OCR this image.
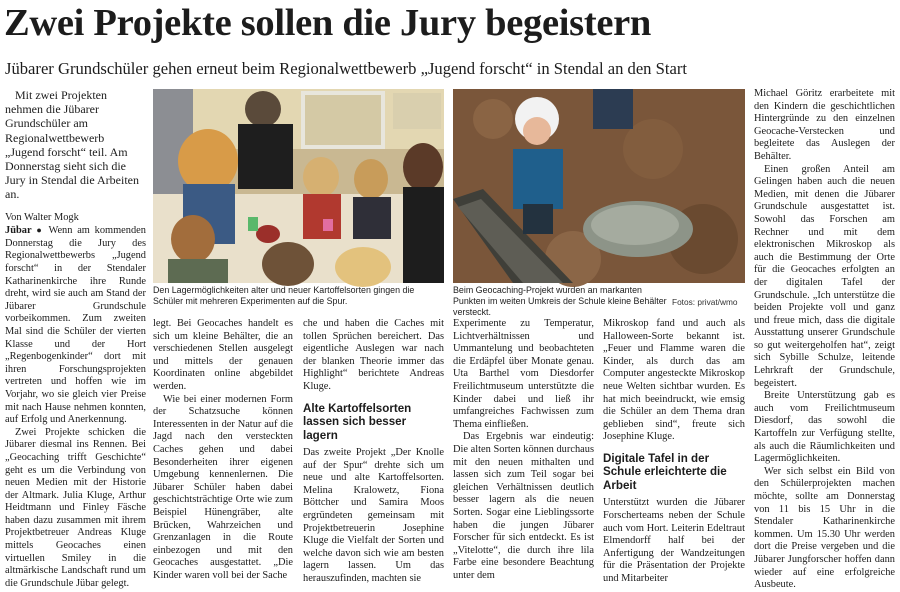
Zwei Projekte sollen die Jury begeistern
Jübarer Grundschüler gehen erneut beim Regionalwettbewerb „Jugend forscht“ in Stendal an den Start

Mit zwei Projekten nehmen die Jübarer Grundschüler am Regionalwettbewerb „Jugend forscht“ teil. Am Donnerstag sieht sich die Jury in Stendal die Arbeiten an.

Von Walter Mogk

Jübar ● Wenn am kommenden Donnerstag die Jury des Regionalwettbewerbs „Jugend forscht“ in der Stendaler Katharinenkirche ihre Runde dreht, wird sie auch am Stand der Jübarer Grundschule vorbeikommen. Zum zweiten Mal sind die Schüler der vierten Klasse und der Hort „Regenbogenkinder“ dort mit ihren Forschungsprojekten vertreten und hoffen wie im Vorjahr, wo sie gleich vier Preise mit nach Hause nehmen konnten, auf Erfolg und Anerkennung.

Zwei Projekte schicken die Jübarer diesmal ins Rennen. Bei „Geocaching trifft Geschichte“ geht es um die Verbindung von neuen Medien mit der Historie der Altmark. Julia Kluge, Arthur Heidtmann und Finley Fäsche haben dazu zusammen mit ihrem Projektbetreuer Andreas Kluge mittels Geocaches einen virtuellen Smiley in die altmärkische Landschaft rund um die Grundschule Jübar gelegt.

Den Lagermöglichkeiten alter und neuer Kartoffelsorten gingen die Schüler mit mehreren Experimenten auf die Spur.
Beim Geocaching-Projekt wurden an markanten Punkten im weiten Umkreis der Schule kleine Behälter versteckt.
Fotos: privat/wmo

legt. Bei Geocaches handelt es sich um kleine Behälter, die an verschiedenen Stellen ausgelegt und mittels der genauen Koordinaten online abgebildet werden.

Wie bei einer modernen Form der Schatzsuche können Interessenten in der Natur auf die Jagd nach den versteckten Caches gehen und dabei Besonderheiten ihrer eigenen Umgebung kennenlernen. Die Jübarer Schüler haben dabei geschichtsträchtige Orte wie zum Beispiel Hünengräber, alte Brücken, Wahrzeichen und Grenzanlagen in die Route einbezogen und mit den Geocaches ausgestattet. „Die Kinder waren voll bei der Sache

che und haben die Caches mit tollen Sprüchen bereichert. Das eigentliche Auslegen war nach der blanken Theorie immer das Highlight“ berichtete Andreas Kluge.

Alte Kartoffelsorten lassen sich besser lagern

Das zweite Projekt „Der Knolle auf der Spur“ drehte sich um neue und alte Kartoffelsorten. Melina Kralowetz, Fiona Böttcher und Samira Moos ergründeten gemeinsam mit Projektbetreuerin Josephine Kluge die Vielfalt der Sorten und welche davon sich wie am besten lagern lassen. Um das herauszufinden, machten sie

Experimente zu Temperatur, Lichtverhältnissen und Ummantelung und beobachteten die Erdäpfel über Monate genau. Uta Barthel vom Diesdorfer Freilichtmuseum unterstützte die Kinder dabei und ließ ihr umfangreiches Fachwissen zum Thema einfließen.

Das Ergebnis war eindeutig: Die alten Sorten können durchaus mit den neuen mithalten und lassen sich zum Teil sogar bei gleichen Verhältnissen deutlich besser lagern als die neuen Sorten. Sogar eine Lieblingssorte haben die jungen Jübarer Forscher für sich entdeckt. Es ist „Vitelotte“, die durch ihre lila Farbe eine besondere Beachtung unter dem

Mikroskop fand und auch als Halloween-Sorte bekannt ist. „Feuer und Flamme waren die Kinder, als durch das am Computer angesteckte Mikroskop neue Welten sichtbar wurden. Es hat mich beeindruckt, wie emsig die Schüler an dem Thema dran geblieben sind“, freute sich Josephine Kluge.

Digitale Tafel in der Schule erleichterte die Arbeit

Unterstützt wurden die Jübarer Forscherteams neben der Schule auch vom Hort. Leiterin Edeltraut Elmendorff half bei der Anfertigung der Wandzeitungen für die Präsentation der Projekte und Mitarbeiter

Michael Göritz erarbeitete mit den Kindern die geschichtlichen Hintergründe zu den einzelnen Geocache-Verstecken und begleitete das Auslegen der Behälter.

Einen großen Anteil am Gelingen haben auch die neuen Medien, mit denen die Jübarer Grundschule ausgestattet ist. Sowohl das Forschen am Rechner und mit dem elektronischen Mikroskop als auch die Bestimmung der Orte für die Geocaches erfolgten an der digitalen Tafel der Grundschule. „Ich unterstütze die beiden Projekte voll und ganz und freue mich, dass die digitale Ausstattung unserer Grundschule so gut weitergeholfen hat“, zeigt sich Sybille Schulze, leitende Lehrkraft der Grundschule, begeistert.

Breite Unterstützung gab es auch vom Freilichtmuseum Diesdorf, das sowohl die Kartoffeln zur Verfügung stellte, als auch die Räumlichkeiten und Lagermöglichkeiten.

Wer sich selbst ein Bild von den Schülerprojekten machen möchte, sollte am Donnerstag von 11 bis 15 Uhr in die Stendaler Katharinenkirche kommen. Um 15.30 Uhr werden dort die Preise vergeben und die Jübarer Jungforscher hoffen dann wieder auf eine erfolgreiche Ausbeute.
